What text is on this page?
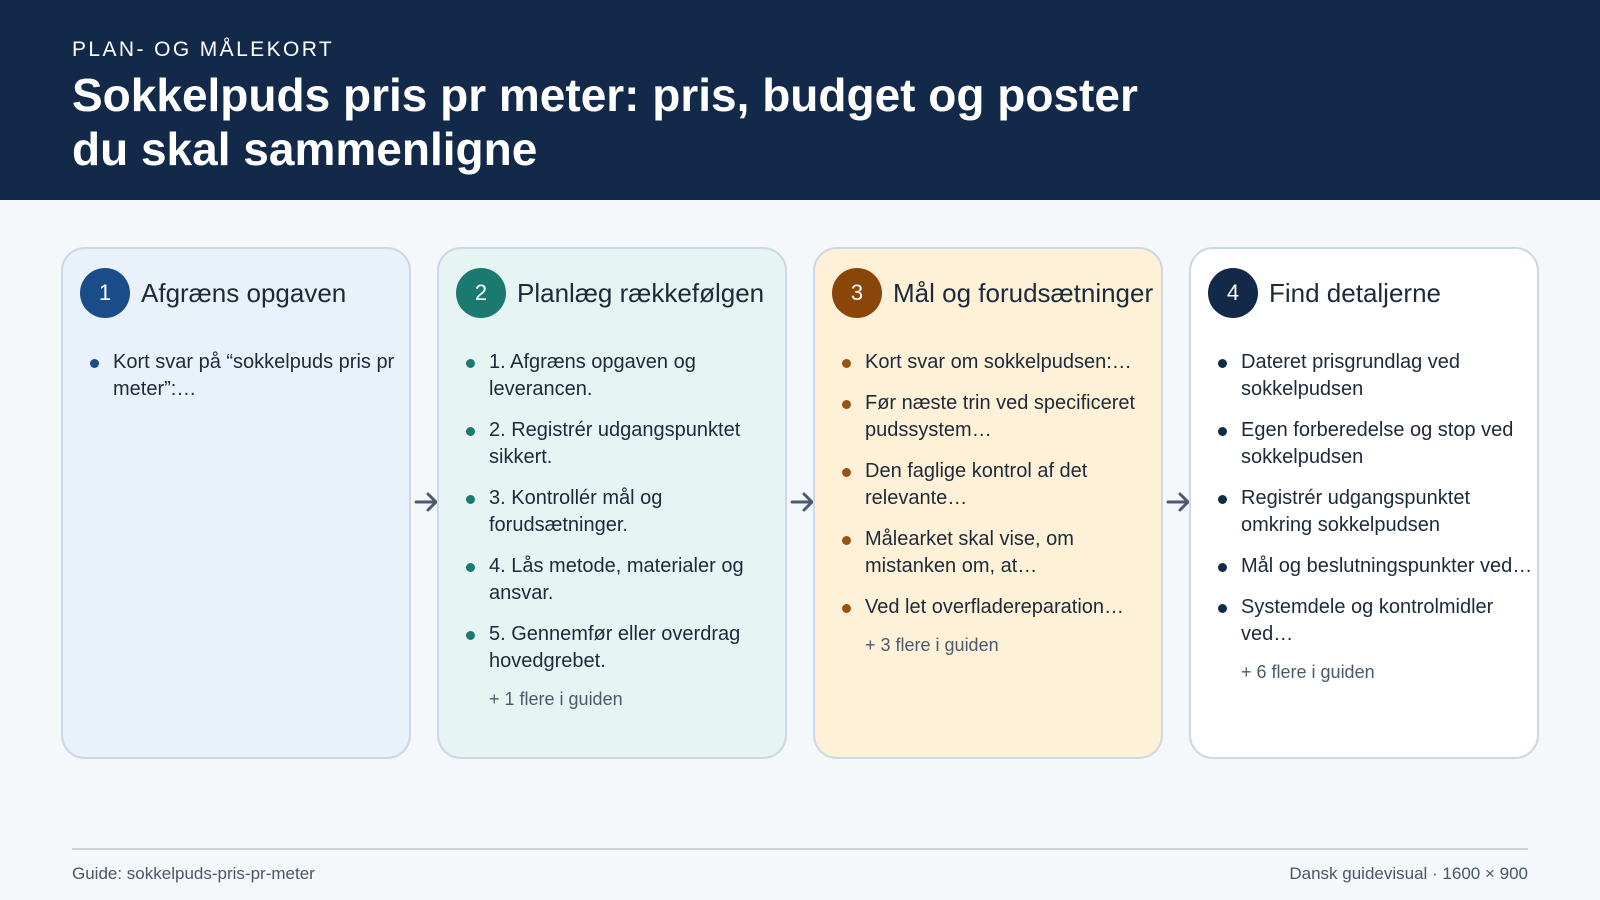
PLAN- OG MÅLEKORT
Sokkelpuds pris pr meter: pris, budget og poster du skal sammenligne
1	Afgræns opgaven
Kort svar på “sokkelpuds pris pr meter”:…
2	Planlæg rækkefølgen
1. Afgræns opgaven og leverancen.
2. Registrér udgangspunktet sikkert.
3. Kontrollér mål og forudsætninger.
4. Lås metode, materialer og ansvar.
5. Gennemfør eller overdrag hovedgrebet.
+ 1 flere i guiden
3	Mål og forudsætninger
Kort svar om sokkelpudsen:…
Før næste trin ved specificeret pudssystem…
Den faglige kontrol af det relevante…
Målearket skal vise, om mistanken om, at…
Ved let overfladereparation…
+ 3 flere i guiden
4	Find detaljerne
Dateret prisgrundlag ved sokkelpudsen
Egen forberedelse og stop ved sokkelpudsen
Registrér udgangspunktet omkring sokkelpudsen
Mål og beslutningspunkter ved…
Systemdele og kontrolmidler ved…
+ 6 flere i guiden
Guide: sokkelpuds-pris-pr-meter	Dansk guidevisual · 1600 × 900
